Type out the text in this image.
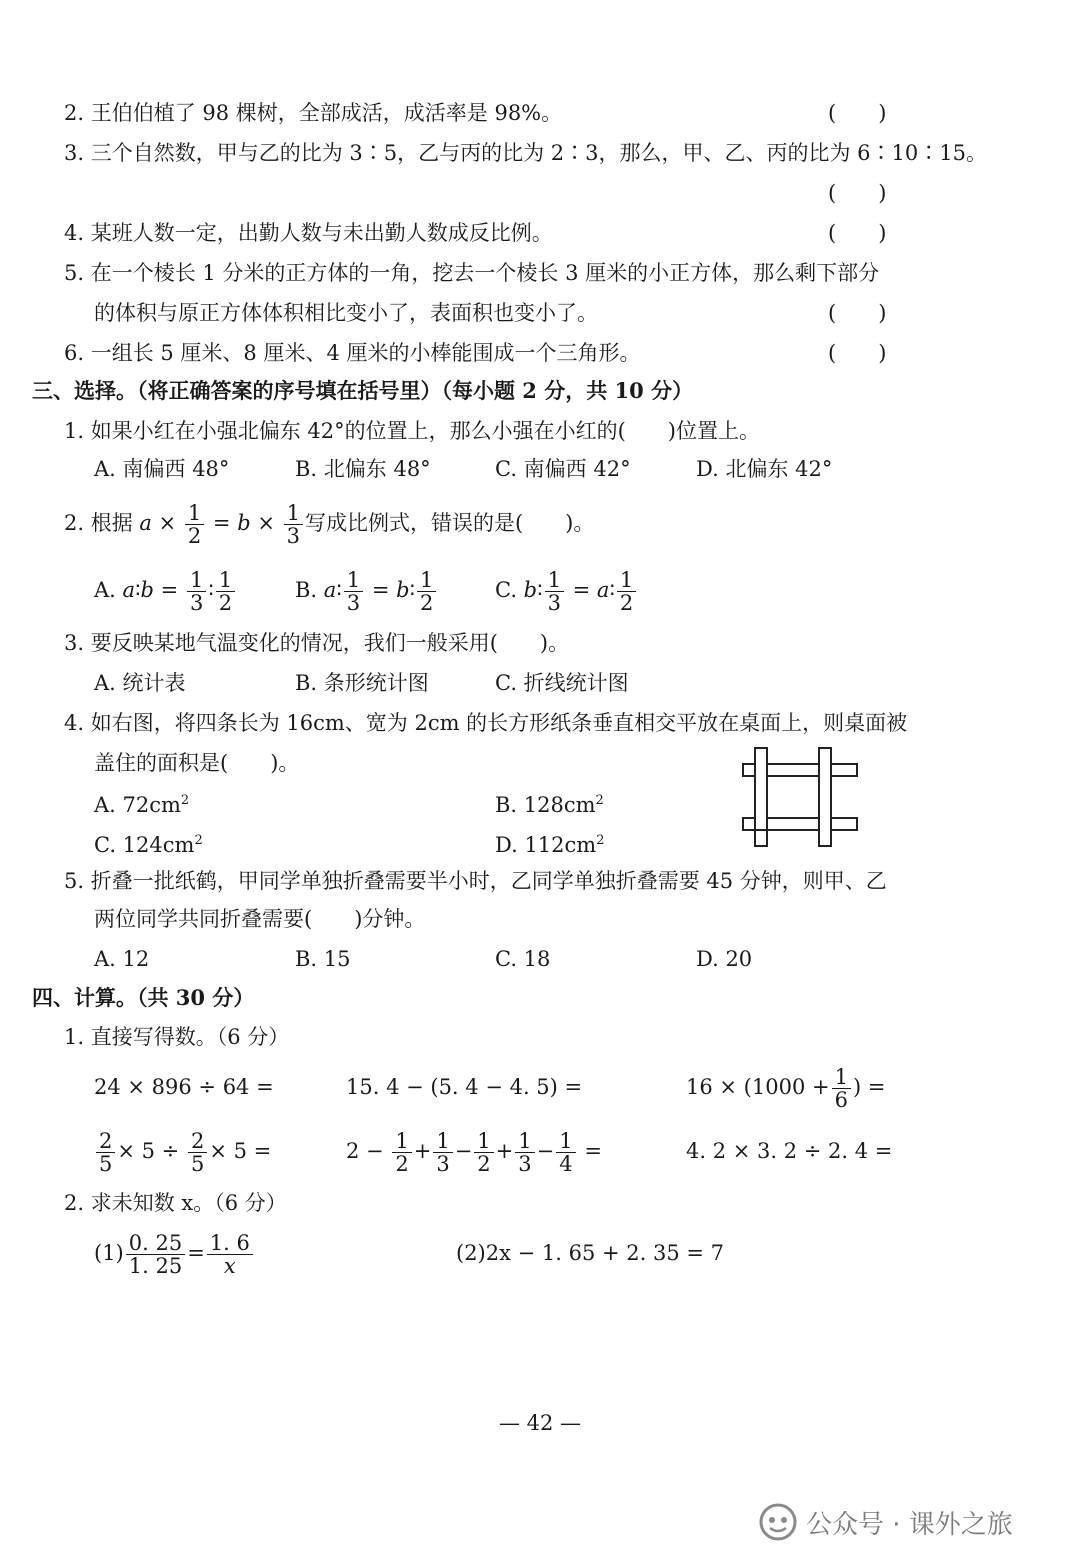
2. 王伯伯植了 98 棵树，全部成活，成活率是 98%。	(　　)
3. 三个自然数，甲与乙的比为 3∶5，乙与丙的比为 2∶3，那么，甲、乙、丙的比为 6∶10∶15。
(　　)
4. 某班人数一定，出勤人数与未出勤人数成反比例。	(　　)
5. 在一个棱长 1 分米的正方体的一角，挖去一个棱长 3 厘米的小正方体，那么剩下部分
的体积与原正方体体积相比变小了，表面积也变小了。	(　　)
6. 一组长 5 厘米、8 厘米、4 厘米的小棒能围成一个三角形。	(　　)
三、选择。（将正确答案的序号填在括号里）（每小题 2 分，共 10 分）
1. 如果小红在小强北偏东 42°的位置上，那么小强在小红的(　　)位置上。
A. 南偏西 48°	B. 北偏东 48°	C. 南偏西 42°	D. 北偏东 42°
2. 根据 $a \times \frac{1}{2} = b \times \frac{1}{3}$ 写成比例式，错误的是(　　)。
A. a∶b = $\frac{1}{3}$ ∶ $\frac{1}{2}$	B. a∶ $\frac{1}{3}$ = b∶ $\frac{1}{2}$	C. b∶ $\frac{1}{3}$ = a∶ $\frac{1}{2}$
3. 要反映某地气温变化的情况，我们一般采用(　　)。
A. 统计表	B. 条形统计图	C. 折线统计图
4. 如右图，将四条长为 16cm、宽为 2cm 的长方形纸条垂直相交平放在桌面上，则桌面被
盖住的面积是(　　)。
A. $72cm^2$	B. $128cm^2$
C. $124cm^2$	D. $112cm^2$
5. 折叠一批纸鹤，甲同学单独折叠需要半小时，乙同学单独折叠需要 45 分钟，则甲、乙
两位同学共同折叠需要(　　)分钟。
A. 12	B. 15	C. 18	D. 20
四、计算。（共 30 分）
1. 直接写得数。（6 分）
24 × 896 ÷ 64 =	15. 4 − (5. 4 − 4. 5) =	$16 \times (1000 + \frac{1}{6}$ ) =
$\frac{2}{5} \times 5 \div \frac{2}{5} \times 5$ =	$2 - \frac{1}{2} + \frac{1}{3} - \frac{1}{2} + \frac{1}{3} - \frac{1}{4}$ =	4. 2 × 3. 2 ÷ 2. 4 =
2. 求未知数 x。（6 分）
$(1) \frac{0. 25}{1. 25} = \frac{1. 6}{x}$	(2)2x − 1. 65 + 2. 35 = 7
— 42 —
公众号 · 课外之旅
